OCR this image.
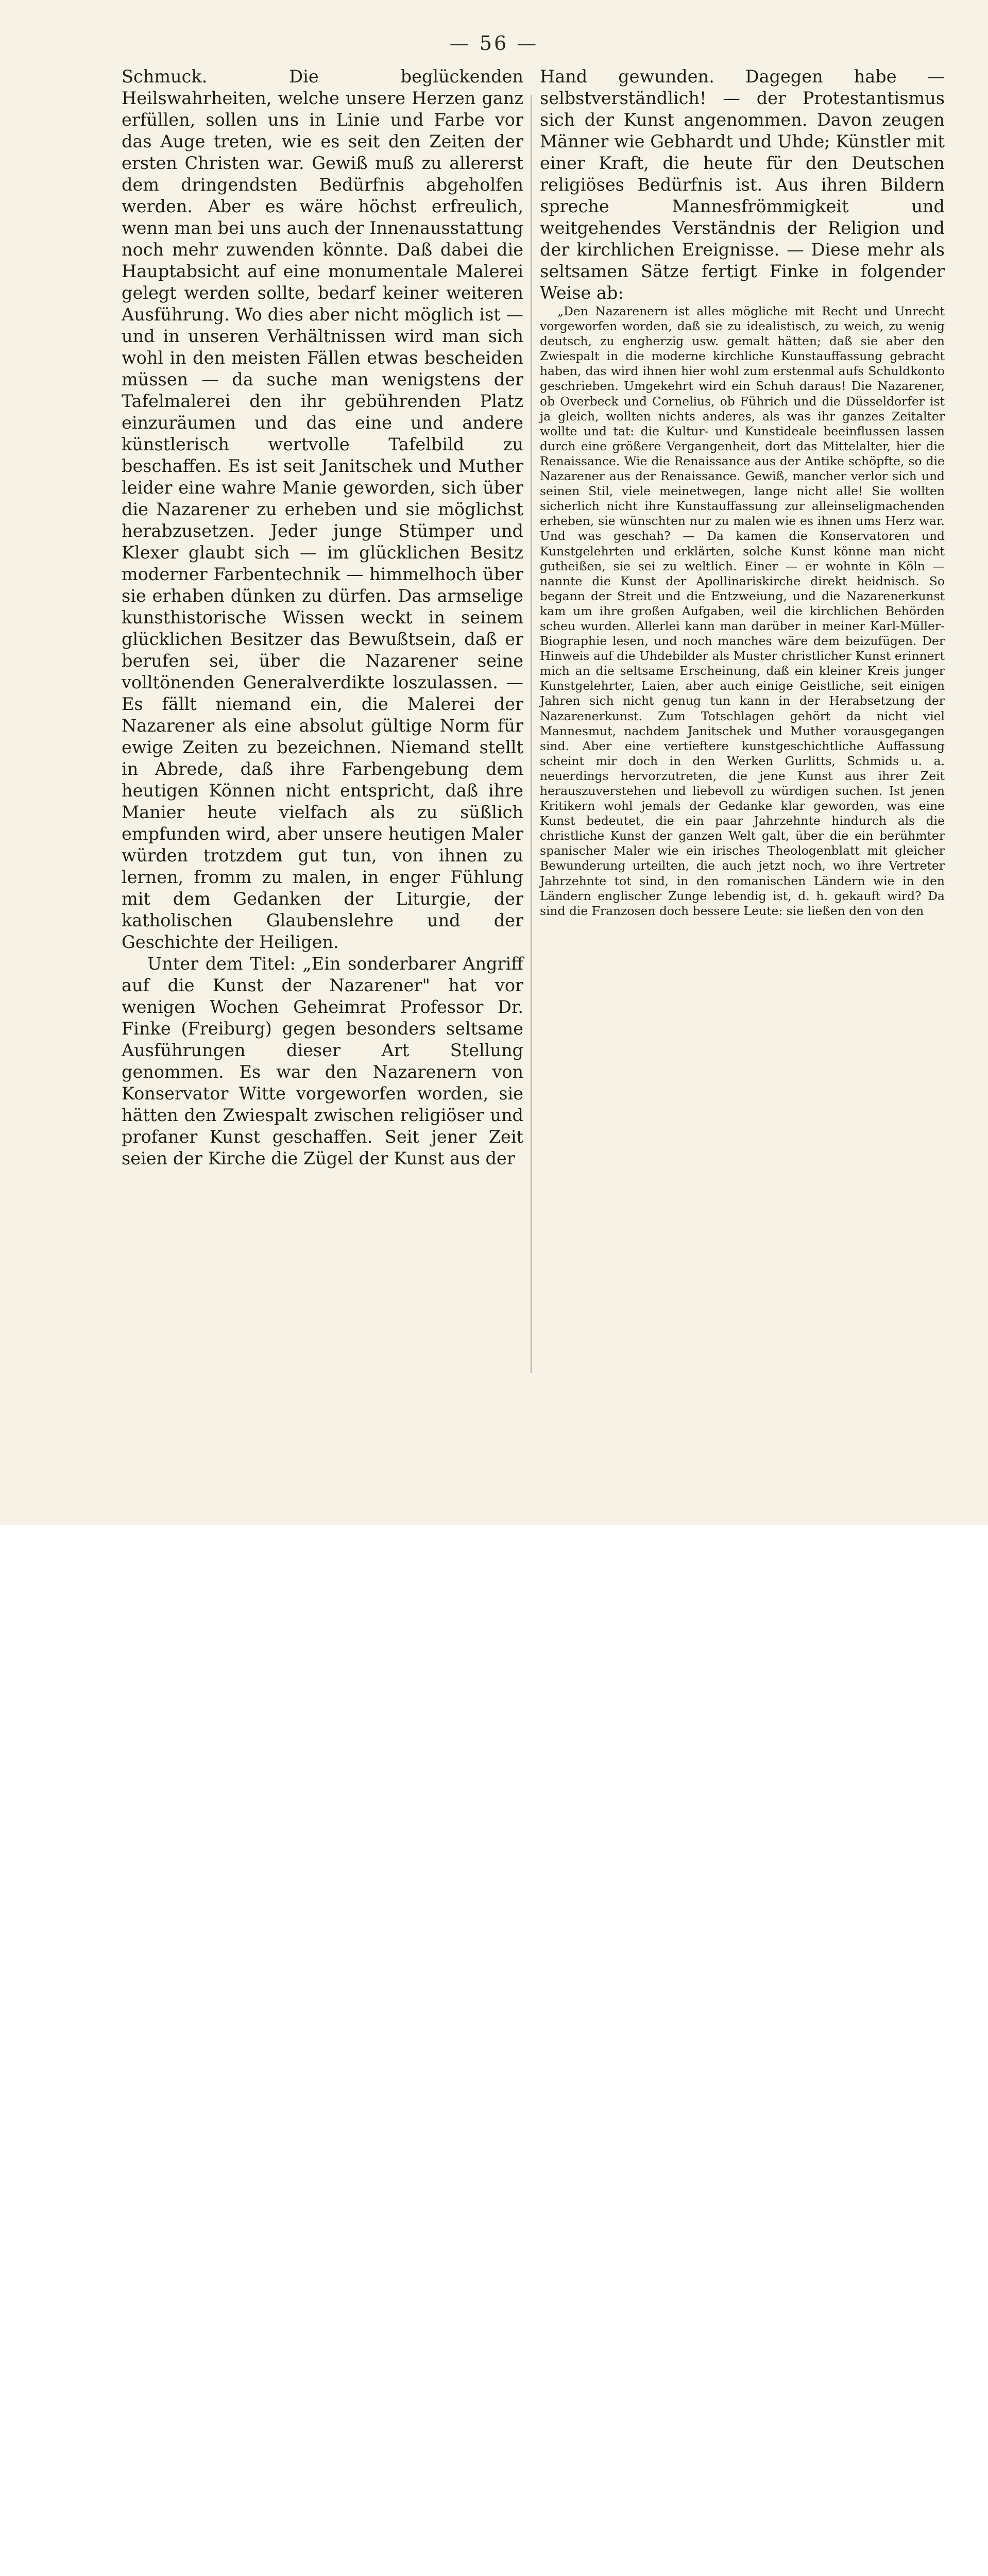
— 56 —

Schmuck. Die beglückenden Heilswahrheiten, welche unsere Herzen ganz erfüllen, sollen uns in Linie und Farbe vor das Auge treten, wie es seit den Zeiten der ersten Christen war. Gewiß muß zu allererst dem dringendsten Bedürfnis abgeholfen werden. Aber es wäre höchst erfreulich, wenn man bei uns auch der Innenausstattung noch mehr zuwenden könnte. Daß dabei die Hauptabsicht auf eine monumentale Malerei gelegt werden sollte, bedarf keiner weiteren Ausführung. Wo dies aber nicht möglich ist — und in unseren Verhältnissen wird man sich wohl in den meisten Fällen etwas bescheiden müssen — da suche man wenigstens der Tafelmalerei den ihr gebührenden Platz einzuräumen und das eine und andere künstlerisch wertvolle Tafelbild zu beschaffen. Es ist seit Janitschek und Muther leider eine wahre Manie geworden, sich über die Nazarener zu erheben und sie möglichst herabzusetzen. Jeder junge Stümper und Klexer glaubt sich — im glücklichen Besitz moderner Farbentechnik — himmelhoch über sie erhaben dünken zu dürfen. Das armselige kunsthistorische Wissen weckt in seinem glücklichen Besitzer das Bewußtsein, daß er berufen sei, über die Nazarener seine volltönenden Generalverdikte loszulassen. — Es fällt niemand ein, die Malerei der Nazarener als eine absolut gültige Norm für ewige Zeiten zu bezeichnen. Niemand stellt in Abrede, daß ihre Farbengebung dem heutigen Können nicht entspricht, daß ihre Manier heute vielfach als zu süßlich empfunden wird, aber unsere heutigen Maler würden trotzdem gut tun, von ihnen zu lernen, fromm zu malen, in enger Fühlung mit dem Gedanken der Liturgie, der katholischen Glaubenslehre und der Geschichte der Heiligen.

Unter dem Titel: „Ein sonderbarer Angriff auf die Kunst der Nazarener" hat vor wenigen Wochen Geheimrat Professor Dr. Finke (Freiburg) gegen besonders seltsame Ausführungen dieser Art Stellung genommen. Es war den Nazarenern von Konservator Witte vorgeworfen worden, sie hätten den Zwiespalt zwischen religiöser und profaner Kunst geschaffen. Seit jener Zeit seien der Kirche die Zügel der Kunst aus der

Hand gewunden. Dagegen habe — selbstverständlich! — der Protestantismus sich der Kunst angenommen. Davon zeugen Männer wie Gebhardt und Uhde; Künstler mit einer Kraft, die heute für den Deutschen religiöses Bedürfnis ist. Aus ihren Bildern spreche Mannesfrömmigkeit und weitgehendes Verständnis der Religion und der kirchlichen Ereignisse. — Diese mehr als seltsamen Sätze fertigt Finke in folgender Weise ab:

„Den Nazarenern ist alles mögliche mit Recht und Unrecht vorgeworfen worden, daß sie zu idealistisch, zu weich, zu wenig deutsch, zu engherzig usw. gemalt hätten; daß sie aber den Zwiespalt in die moderne kirchliche Kunstauffassung gebracht haben, das wird ihnen hier wohl zum erstenmal aufs Schuldkonto geschrieben. Umgekehrt wird ein Schuh daraus! Die Nazarener, ob Overbeck und Cornelius, ob Führich und die Düsseldorfer ist ja gleich, wollten nichts anderes, als was ihr ganzes Zeitalter wollte und tat: die Kultur- und Kunstideale beeinflussen lassen durch eine größere Vergangenheit, dort das Mittelalter, hier die Renaissance. Wie die Renaissance aus der Antike schöpfte, so die Nazarener aus der Renaissance. Gewiß, mancher verlor sich und seinen Stil, viele meinetwegen, lange nicht alle! Sie wollten sicherlich nicht ihre Kunstauffassung zur alleinseligmachenden erheben, sie wünschten nur zu malen wie es ihnen ums Herz war. Und was geschah? — Da kamen die Konservatoren und Kunstgelehrten und erklärten, solche Kunst könne man nicht gutheißen, sie sei zu weltlich. Einer — er wohnte in Köln — nannte die Kunst der Apollinariskirche direkt heidnisch. So begann der Streit und die Entzweiung, und die Nazarenerkunst kam um ihre großen Aufgaben, weil die kirchlichen Behörden scheu wurden. Allerlei kann man darüber in meiner Karl-Müller-Biographie lesen, und noch manches wäre dem beizufügen. Der Hinweis auf die Uhdebilder als Muster christlicher Kunst erinnert mich an die seltsame Erscheinung, daß ein kleiner Kreis junger Kunstgelehrter, Laien, aber auch einige Geistliche, seit einigen Jahren sich nicht genug tun kann in der Herabsetzung der Nazarenerkunst. Zum Totschlagen gehört da nicht viel Mannesmut, nachdem Janitschek und Muther vorausgegangen sind. Aber eine vertieftere kunstgeschichtliche Auffassung scheint mir doch in den Werken Gurlitts, Schmids u. a. neuerdings hervorzutreten, die jene Kunst aus ihrer Zeit herauszuverstehen und liebevoll zu würdigen suchen. Ist jenen Kritikern wohl jemals der Gedanke klar geworden, was eine Kunst bedeutet, die ein paar Jahrzehnte hindurch als die christliche Kunst der ganzen Welt galt, über die ein berühmter spanischer Maler wie ein irisches Theologenblatt mit gleicher Bewunderung urteilten, die auch jetzt noch, wo ihre Vertreter Jahrzehnte tot sind, in den romanischen Ländern wie in den Ländern englischer Zunge lebendig ist, d. h. gekauft wird? Da sind die Franzosen doch bessere Leute: sie ließen den von den
